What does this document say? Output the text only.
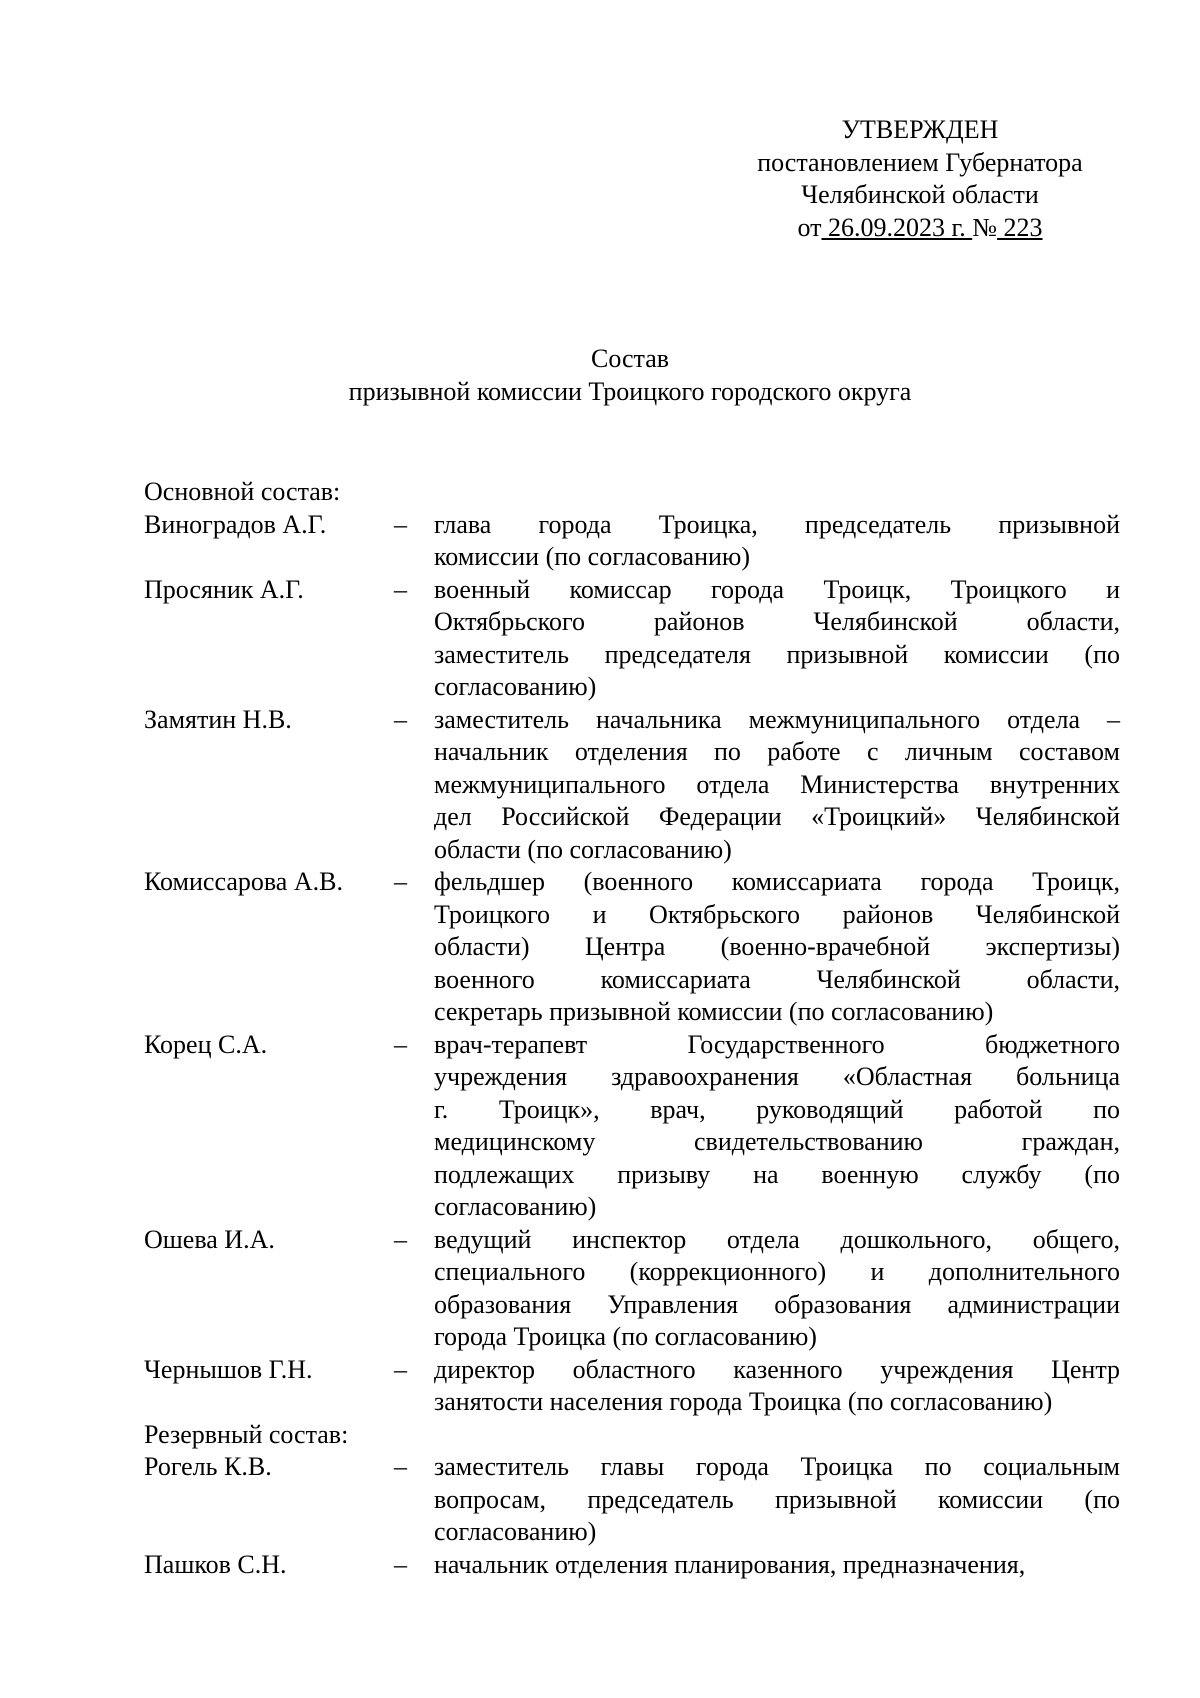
УТВЕРЖДЕН
постановлением Губернатора
Челябинской области
от 26.09.2023 г. № 223
Состав
призывной комиссии Троицкого городского округа
Основной состав:
Виноградов А.Г.	–	глава города Троицка, председатель призывной
комиссии (по согласованию)
Просяник А.Г.	–	военный комиссар города Троицк, Троицкого и
Октябрьского районов Челябинской области,
заместитель председателя призывной комиссии (по
согласованию)
Замятин Н.В.	–	заместитель начальника межмуниципального отдела –
начальник отделения по работе с личным составом
межмуниципального отдела Министерства внутренних
дел Российской Федерации «Троицкий» Челябинской
области (по согласованию)
Комиссарова А.В.	–	фельдшер (военного комиссариата города Троицк,
Троицкого и Октябрьского районов Челябинской
области) Центра (военно-врачебной экспертизы)
военного комиссариата Челябинской области,
секретарь призывной комиссии (по согласованию)
Корец С.А.	–	врач-терапевт Государственного бюджетного
учреждения здравоохранения «Областная больница
г. Троицк», врач, руководящий работой по
медицинскому свидетельствованию граждан,
подлежащих призыву на военную службу (по
согласованию)
Ошева И.А.	–	ведущий инспектор отдела дошкольного, общего,
специального (коррекционного) и дополнительного
образования Управления образования администрации
города Троицка (по согласованию)
Чернышов Г.Н.	–	директор областного казенного учреждения Центр
занятости населения города Троицка (по согласованию)
Резервный состав:
Рогель К.В.	–	заместитель главы города Троицка по социальным
вопросам, председатель призывной комиссии (по
согласованию)
Пашков С.Н.	–	начальник отделения планирования, предназначения,
